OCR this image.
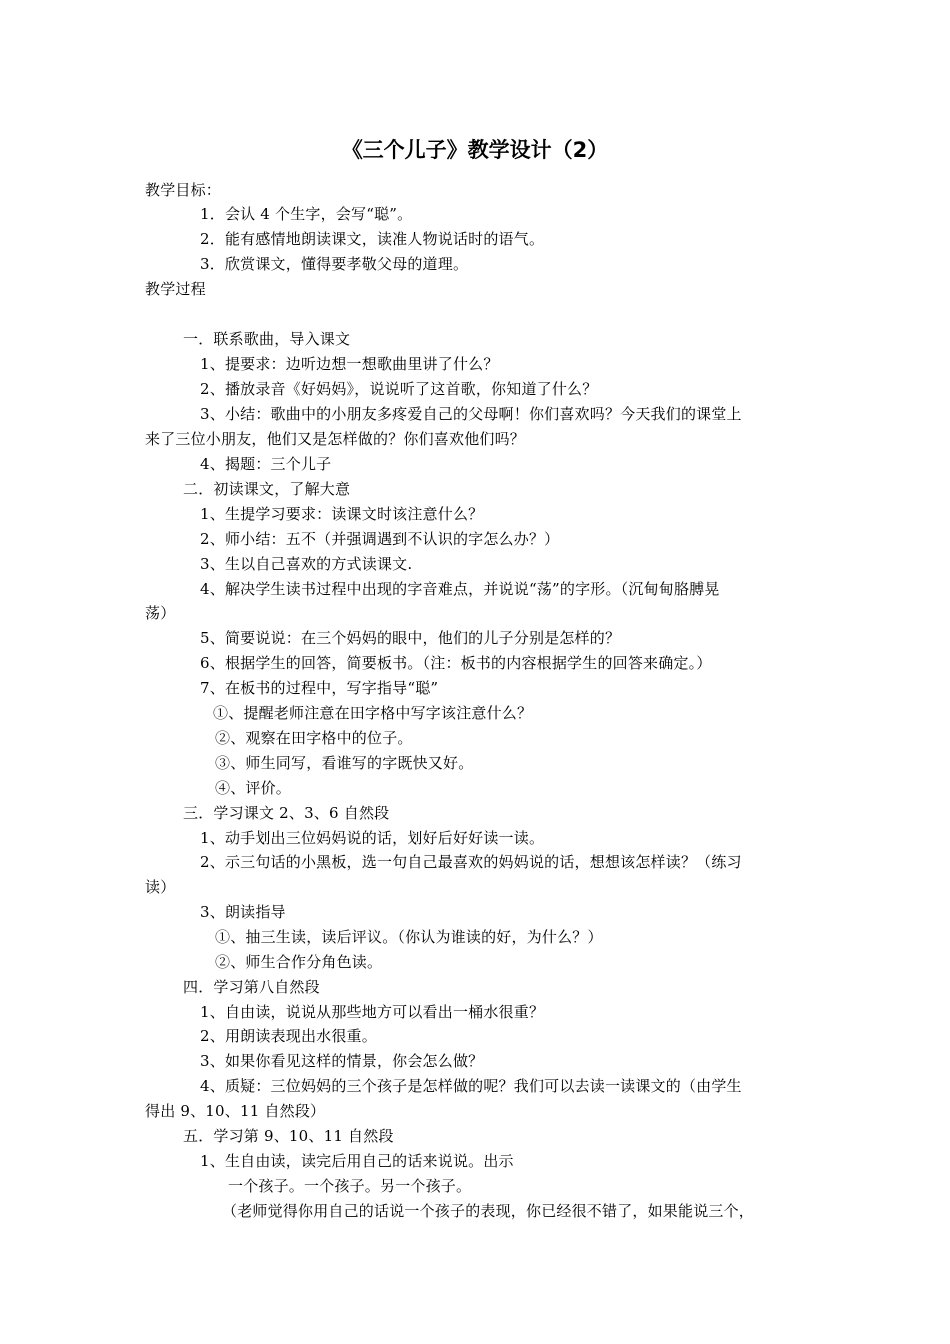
《三个儿子》教学设计（2）
教学目标：
1．会认 4 个生字，会写“聪”。
2．能有感情地朗读课文，读准人物说话时的语气。
3．欣赏课文，懂得要孝敬父母的道理。
教学过程
一．联系歌曲，导入课文
1、提要求：边听边想一想歌曲里讲了什么？
2、播放录音《好妈妈》，说说听了这首歌，你知道了什么？
3、小结：歌曲中的小朋友多疼爱自己的父母啊！你们喜欢吗？今天我们的课堂上
来了三位小朋友，他们又是怎样做的？你们喜欢他们吗？
4、揭题：三个儿子
二．初读课文，了解大意
1、生提学习要求：读课文时该注意什么？
2、师小结：五不（并强调遇到不认识的字怎么办？）
3、生以自己喜欢的方式读课文.
4、解决学生读书过程中出现的字音难点，并说说“荡”的字形。（沉甸甸胳膊晃
荡）
5、简要说说：在三个妈妈的眼中，他们的儿子分别是怎样的？
6、根据学生的回答，简要板书。（注：板书的内容根据学生的回答来确定。）
7、在板书的过程中，写字指导“聪”
①、提醒老师注意在田字格中写字该注意什么？
②、观察在田字格中的位子。
③、师生同写，看谁写的字既快又好。
④、评价。
三．学习课文 2、3、6 自然段
1、动手划出三位妈妈说的话，划好后好好读一读。
2、示三句话的小黑板，选一句自己最喜欢的妈妈说的话，想想该怎样读？（练习
读）
3、朗读指导
①、抽三生读，读后评议。（你认为谁读的好，为什么？）
②、师生合作分角色读。
四．学习第八自然段
1、自由读，说说从那些地方可以看出一桶水很重？
2、用朗读表现出水很重。
3、如果你看见这样的情景，你会怎么做？
4、质疑：三位妈妈的三个孩子是怎样做的呢？我们可以去读一读课文的（由学生
得出 9、10、11 自然段）
五．学习第 9、10、11 自然段
1、生自由读，读完后用自己的话来说说。出示
一个孩子。一个孩子。另一个孩子。
（老师觉得你用自己的话说一个孩子的表现，你已经很不错了，如果能说三个，
